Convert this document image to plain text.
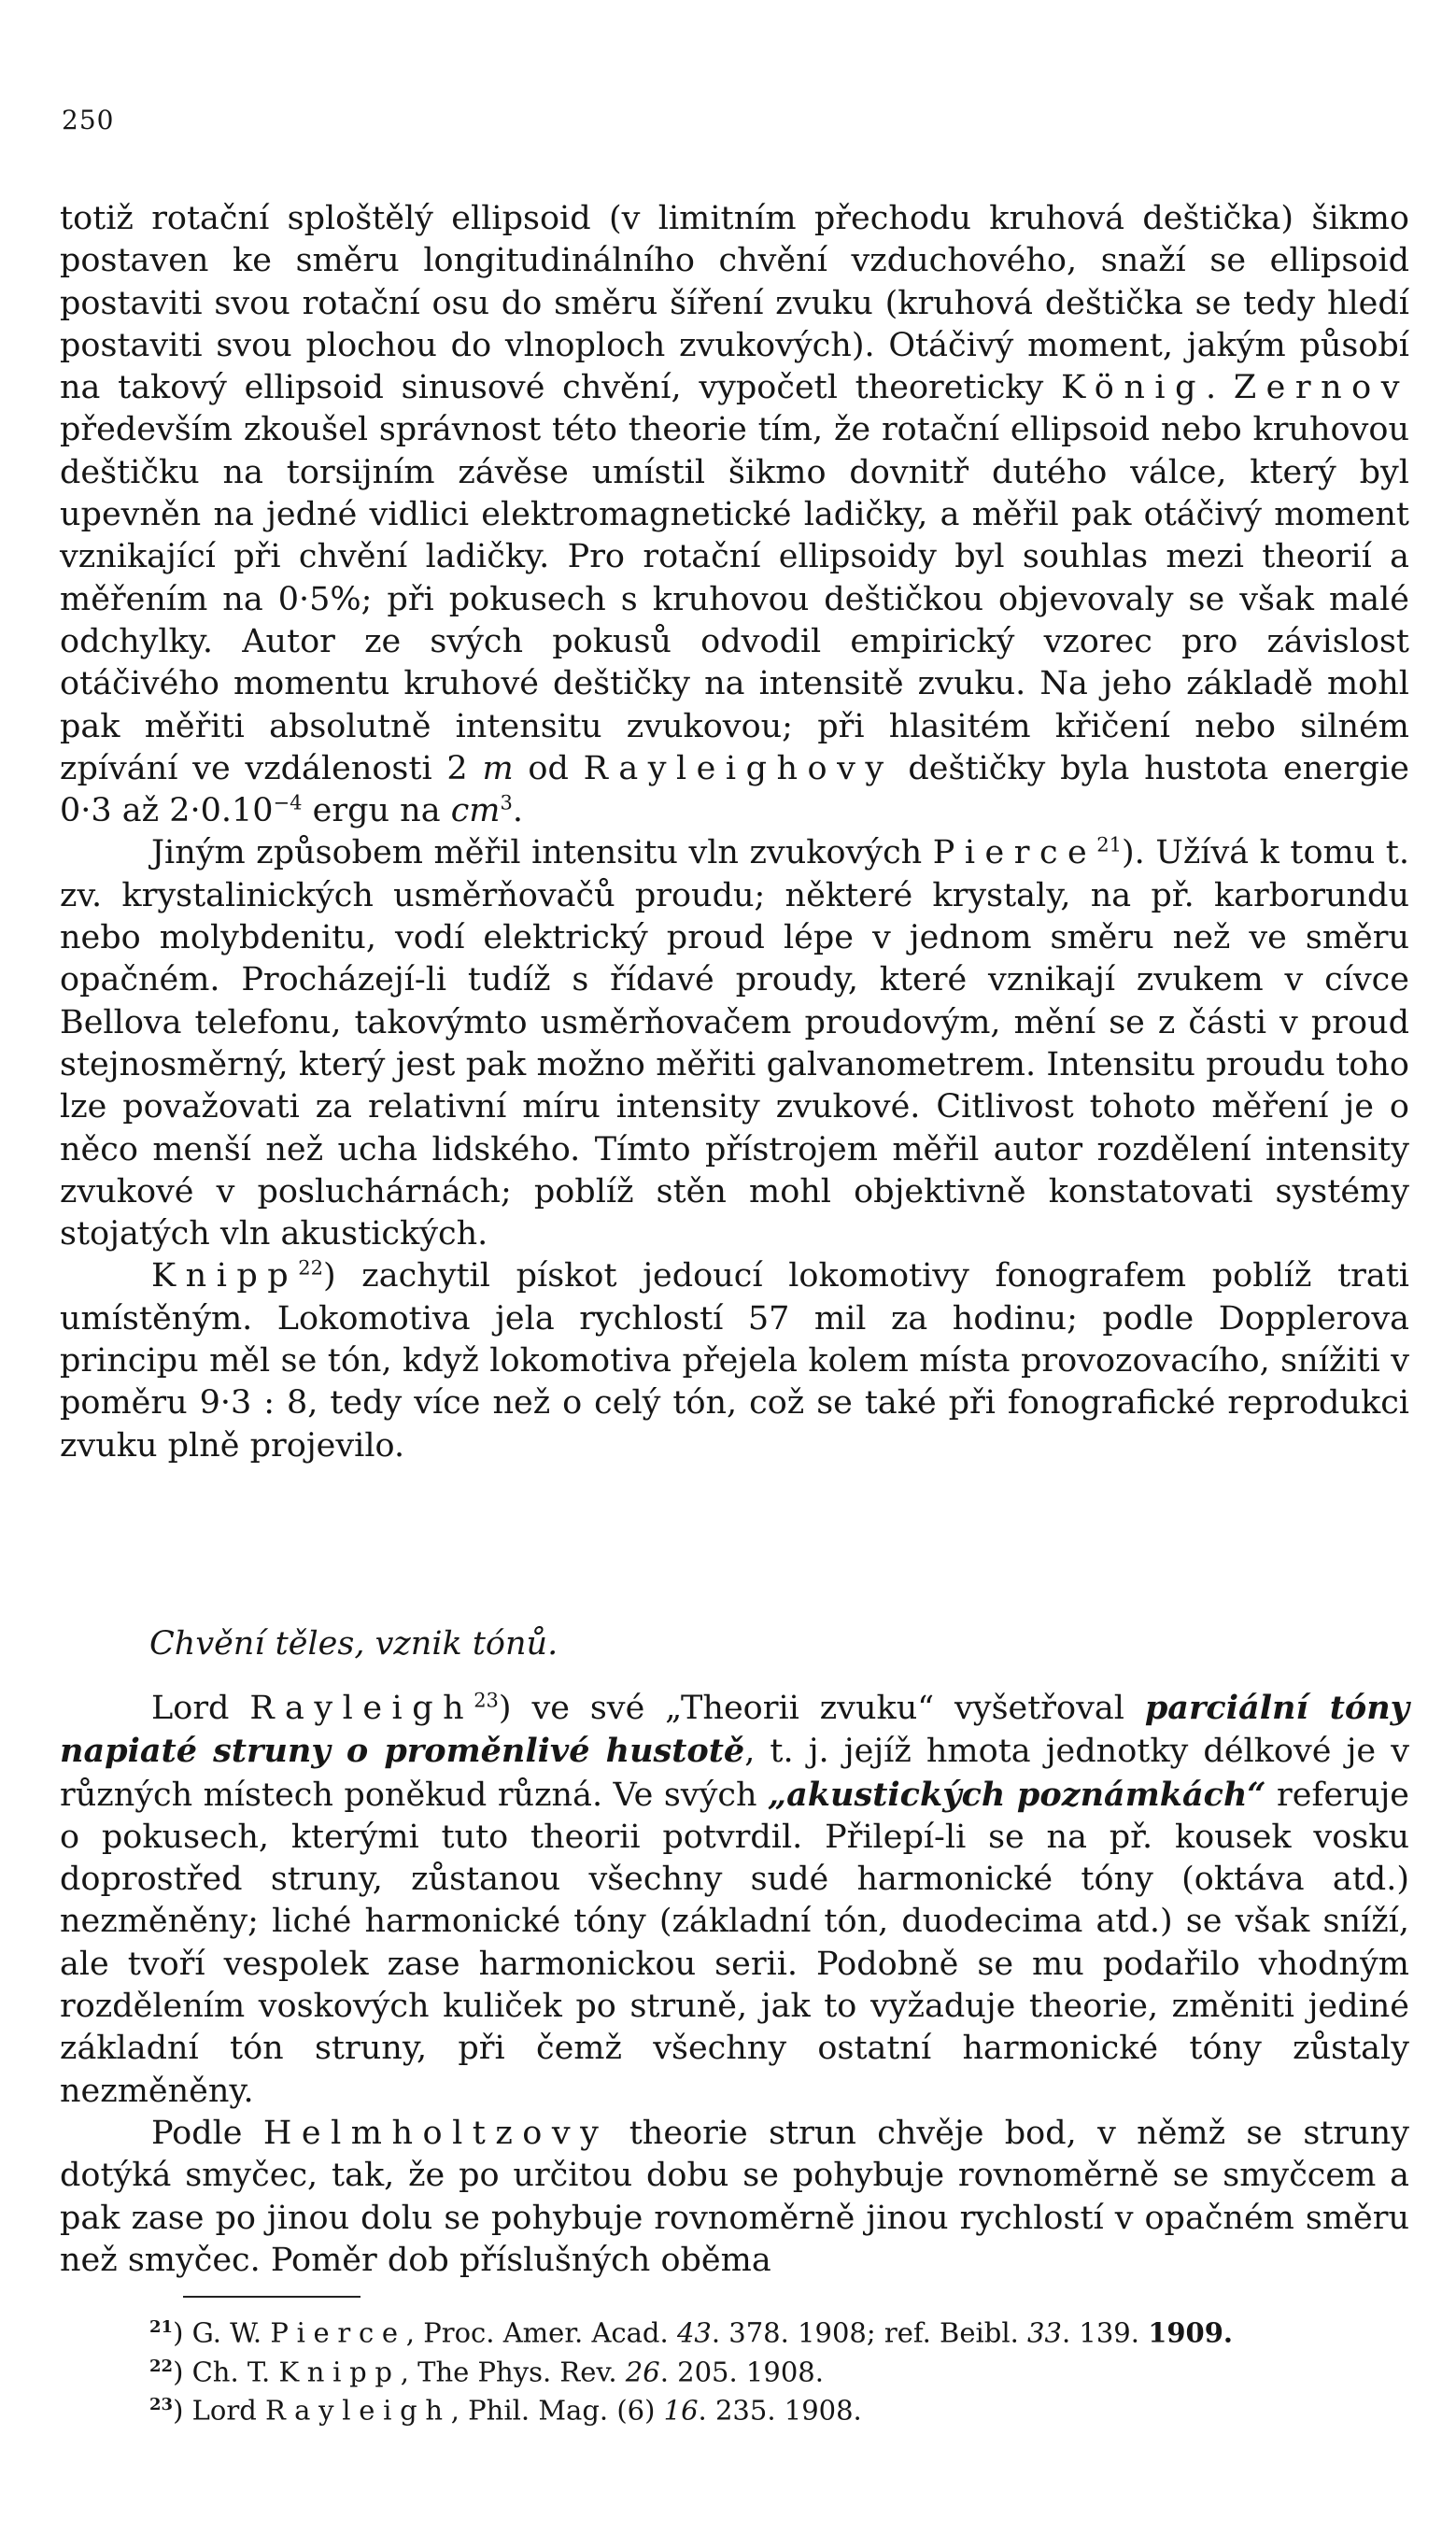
250

totiž rotační sploštělý ellipsoid (v limitním přechodu kruhová deštička) šikmo postaven ke směru longitudinálního chvění vzduchového, snaží se ellipsoid postaviti svou rotační osu do směru šíření zvuku (kruhová deštička se tedy hledí postaviti svou plochou do vlnoploch zvukových). Otáčivý moment, jakým působí na takový ellipsoid sinusové chvění, vypočetl theoreticky König. Zernov především zkoušel správnost této theorie tím, že rotační ellipsoid nebo kruhovou deštičku na torsijním závěse umístil šikmo dovnitř dutého válce, který byl upevněn na jedné vidlici elektromagnetické ladičky, a měřil pak otáčivý moment vznikající při chvění ladičky. Pro rotační ellipsoidy byl souhlas mezi theorií a měřením na 0·5%; při pokusech s kruhovou deštičkou objevovaly se však malé odchylky. Autor ze svých pokusů odvodil empirický vzorec pro závislost otáčivého momentu kruhové deštičky na intensitě zvuku. Na jeho základě mohl pak měřiti absolutně intensitu zvukovou; při hlasitém křičení nebo silném zpívání ve vzdálenosti 2 m od Rayleighovy deštičky byla hustota energie 0·3 až $2\cdot 0.10^{-4}$ ergu na $cm^3$.

Jiným způsobem měřil intensitu vln zvukových Pierce$^{21}$). Užívá k tomu t. zv. krystalinických usměrňovačů proudu; některé krystaly, na př. karborundu nebo molybdenitu, vodí elektrický proud lépe v jednom směru než ve směru opačném. Procházejí-li tudíž s řídavé proudy, které vznikají zvukem v cívce Bellova telefonu, takovýmto usměrňovačem proudovým, mění se z části v proud stejnosměrný, který jest pak možno měřiti galvanometrem. Intensitu proudu toho lze považovati za relativní míru intensity zvukové. Citlivost tohoto měření je o něco menší než ucha lidského. Tímto přístrojem měřil autor rozdělení intensity zvukové v posluchárnách; poblíž stěn mohl objektivně konstatovati systémy stojatých vln akustických.

Knipp$^{22}$) zachytil pískot jedoucí lokomotivy fonografem poblíž trati umístěným. Lokomotiva jela rychlostí 57 mil za hodinu; podle Dopplerova principu měl se tón, když lokomotiva přejela kolem místa provozovacího, snížiti v poměru 9·3 : 8, tedy více než o celý tón, což se také při fonografické reprodukci zvuku plně projevilo.

Chvění těles, vznik tónů.

Lord Rayleigh$^{23}$) ve své „Theorii zvuku“ vyšetřoval parciální tóny napiaté struny o proměnlivé hustotě, t. j. jejíž hmota jednotky délkové je v různých místech poněkud různá. Ve svých „akustických poznámkách“ referuje o pokusech, kterými tuto theorii potvrdil. Přilepí-li se na př. kousek vosku doprostřed struny, zůstanou všechny sudé harmonické tóny (oktáva atd.) nezměněny; liché harmonické tóny (základní tón, duodecima atd.) se však sníží, ale tvoří vespolek zase harmonickou serii. Podobně se mu podařilo vhodným rozdělením voskových kuliček po struně, jak to vyžaduje theorie, změniti jediné základní tón struny, při čemž všechny ostatní harmonické tóny zůstaly nezměněny.

Podle Helmholtzovy theorie strun chvěje bod, v němž se struny dotýká smyčec, tak, že po určitou dobu se pohybuje rovnoměrně se smyčcem a pak zase po jinou dolu se pohybuje rovnoměrně jinou rychlostí v opačném směru než smyčec. Poměr dob příslušných oběma

$^{21}$) G. W. Pierce, Proc. Amer. Acad. 43. 378. 1908; ref. Beibl. 33. 139. 1909.
$^{22}$) Ch. T. Knipp, The Phys. Rev. 26. 205. 1908.
$^{23}$) Lord Rayleigh, Phil. Mag. (6) 16. 235. 1908.
